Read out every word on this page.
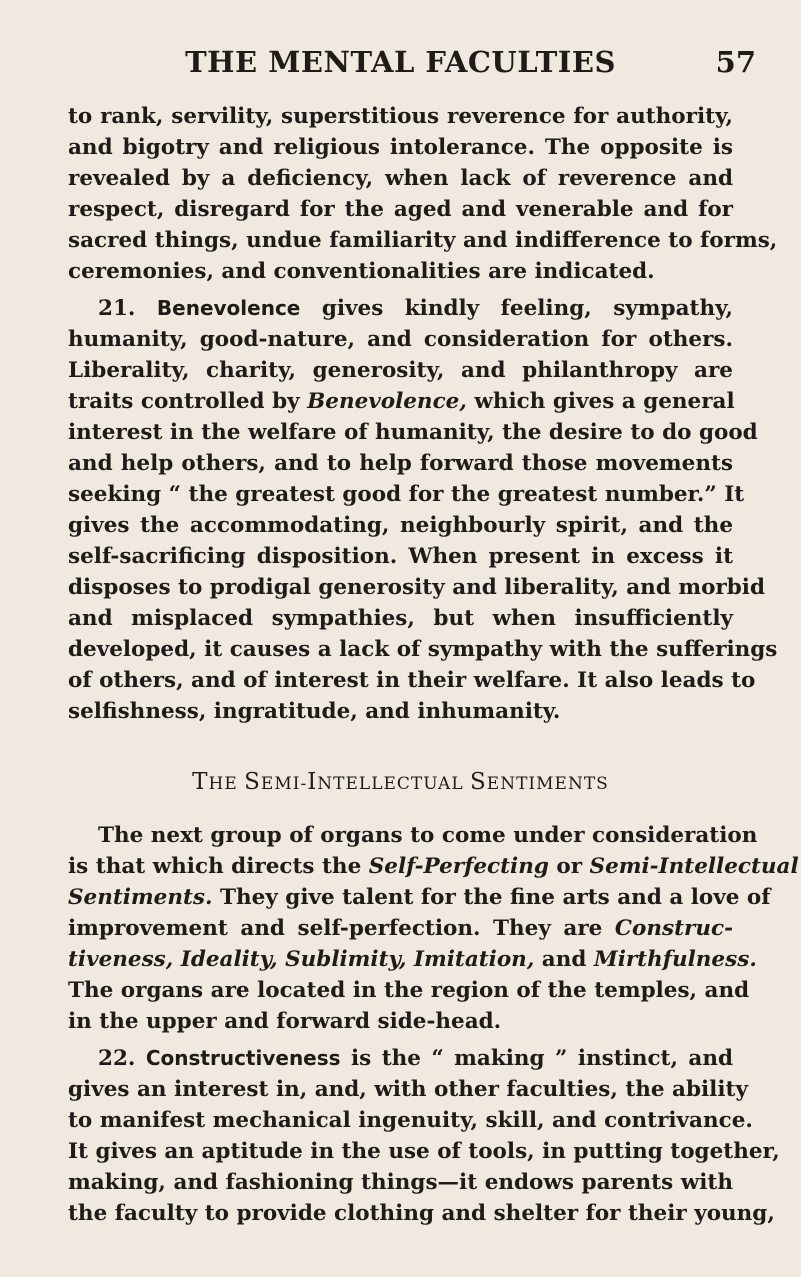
THE MENTAL FACULTIES	57
to rank, servility, superstitious reverence for authority,
and bigotry and religious intolerance. The opposite is
revealed by a deficiency, when lack of reverence and
respect, disregard for the aged and venerable and for
sacred things, undue familiarity and indifference to forms,
ceremonies, and conventionalities are indicated.
21. Benevolence gives kindly feeling, sympathy,
humanity, good-nature, and consideration for others.
Liberality, charity, generosity, and philanthropy are
traits controlled by Benevolence, which gives a general
interest in the welfare of humanity, the desire to do good
and help others, and to help forward those movements
seeking “ the greatest good for the greatest number.” It
gives the accommodating, neighbourly spirit, and the
self-sacrificing disposition. When present in excess it
disposes to prodigal generosity and liberality, and morbid
and misplaced sympathies, but when insufficiently
developed, it causes a lack of sympathy with the sufferings
of others, and of interest in their welfare. It also leads to
selfishness, ingratitude, and inhumanity.
THE SEMI-INTELLECTUAL SENTIMENTS
The next group of organs to come under consideration
is that which directs the Self-Perfecting or Semi-Intellectual
Sentiments. They give talent for the fine arts and a love of
improvement and self-perfection. They are Construc-
tiveness, Ideality, Sublimity, Imitation, and Mirthfulness.
The organs are located in the region of the temples, and
in the upper and forward side-head.
22. Constructiveness is the “ making ” instinct, and
gives an interest in, and, with other faculties, the ability
to manifest mechanical ingenuity, skill, and contrivance.
It gives an aptitude in the use of tools, in putting together,
making, and fashioning things—it endows parents with
the faculty to provide clothing and shelter for their young,
